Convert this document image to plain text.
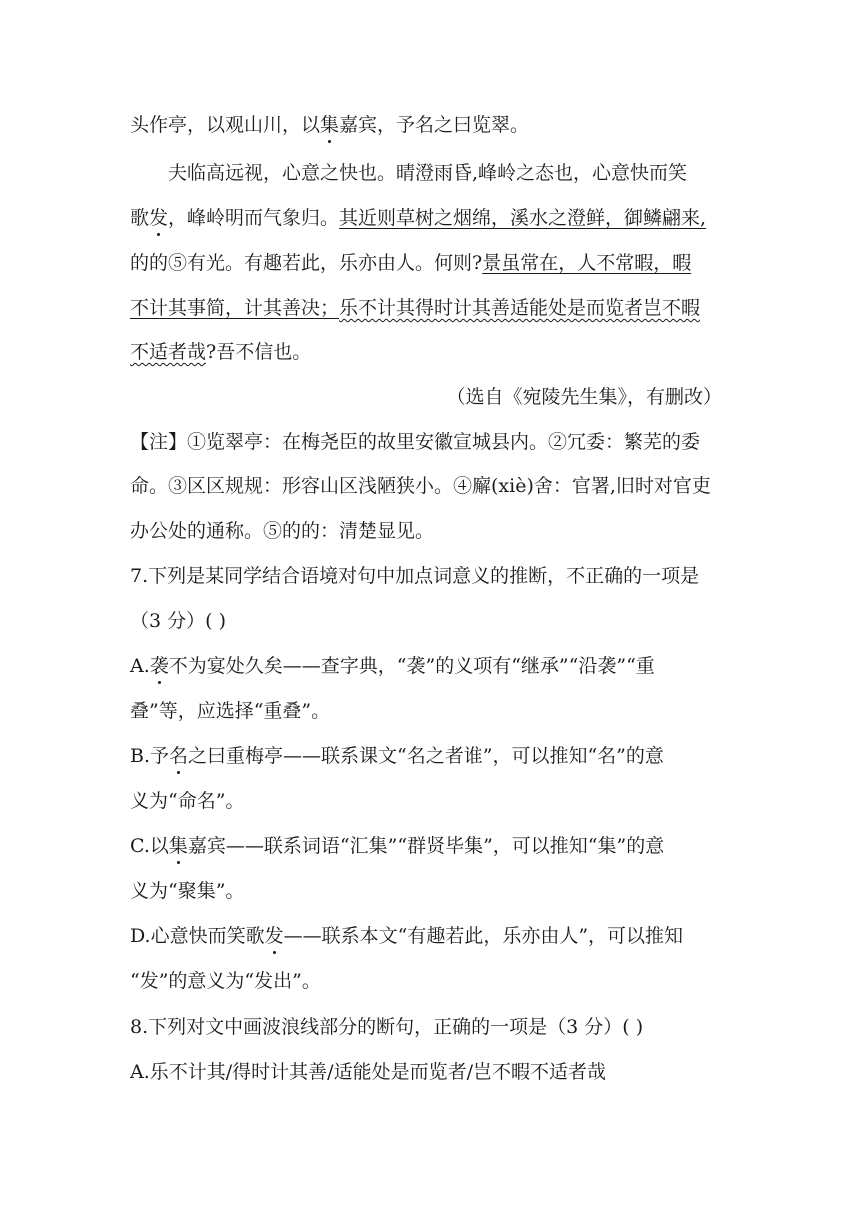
头作亭，以观山川，以集嘉宾，予名之曰览翠。
夫临高远视，心意之快也。晴澄雨昏,峰岭之态也，心意快而笑
歌发，峰岭明而气象归。其近则草树之烟绵，溪水之澄鲜，御鳞翩来,
的的⑤有光。有趣若此，乐亦由人。何则?景虽常在，人不常暇，暇
不计其事简，计其善决；乐不计其得时计其善适能处是而览者岂不暇
不适者哉?吾不信也。
（选自《宛陵先生集》，有删改）
【注】①览翠亭：在梅尧臣的故里安徽宣城县内。②冗委：繁芜的委
命。③区区规规：形容山区浅陋狭小。④廨(xiè)舍：官署,旧时对官吏
办公处的通称。⑤的的：清楚显见。
7.下列是某同学结合语境对句中加点词意义的推断，不正确的一项是
（3 分）( )
A.袭不为宴处久矣——查字典，“袭”的义项有“继承”“沿袭”“重
叠”等，应选择“重叠”。
B.予名之曰重梅亭——联系课文“名之者谁”，可以推知“名”的意
义为“命名”。
C.以集嘉宾——联系词语“汇集”“群贤毕集”，可以推知“集”的意
义为“聚集”。
D.心意快而笑歌发——联系本文“有趣若此，乐亦由人”，可以推知
“发”的意义为“发出”。
8.下列对文中画波浪线部分的断句，正确的一项是（3 分）( )
A.乐不计其/得时计其善/适能处是而览者/岂不暇不适者哉
